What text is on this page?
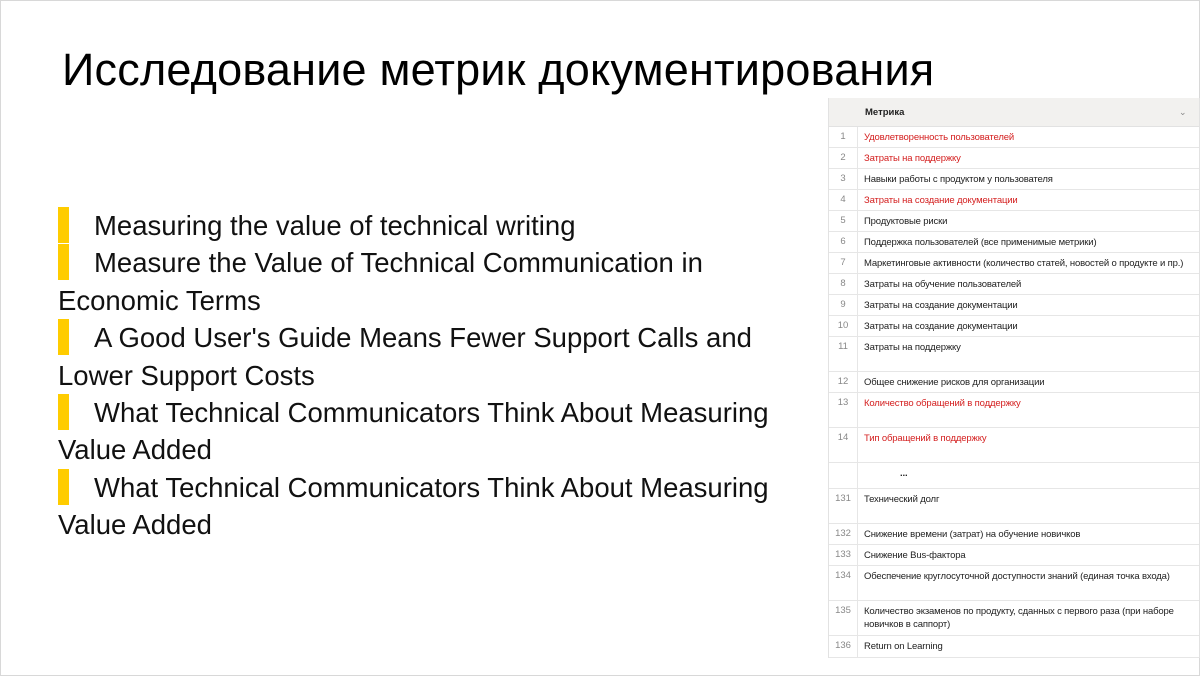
Исследование метрик документирования

Measuring the value of technical writing

Measure the Value of Technical Communication in Economic Terms

A Good User's Guide Means Fewer Support Calls and Lower Support Costs

What Technical Communicators Think About Measuring Value Added

What Technical Communicators Think About Measuring Value Added

Метрика	⌄
1	Удовлетворенность пользователей
2	Затраты на поддержку
3	Навыки работы с продуктом у пользователя
4	Затраты на создание документации
5	Продуктовые риски
6	Поддержка пользователей (все применимые метрики)
7	Маркетинговые активности (количество статей, новостей о продукте и пр.)
8	Затраты на обучение пользователей
9	Затраты на создание документации
10	Затраты на создание документации
11	Затраты на поддержку
12	Общее снижение рисков для организации
13	Количество обращений в поддержку
14	Тип обращений в поддержку
...
131	Технический долг
132	Снижение времени (затрат) на обучение новичков
133	Снижение Bus-фактора
134	Обеспечение круглосуточной доступности знаний (единая точка входа)
135	Количество экзаменов по продукту, сданных с первого раза (при наборе новичков в саппорт)
136	Return on Learning
